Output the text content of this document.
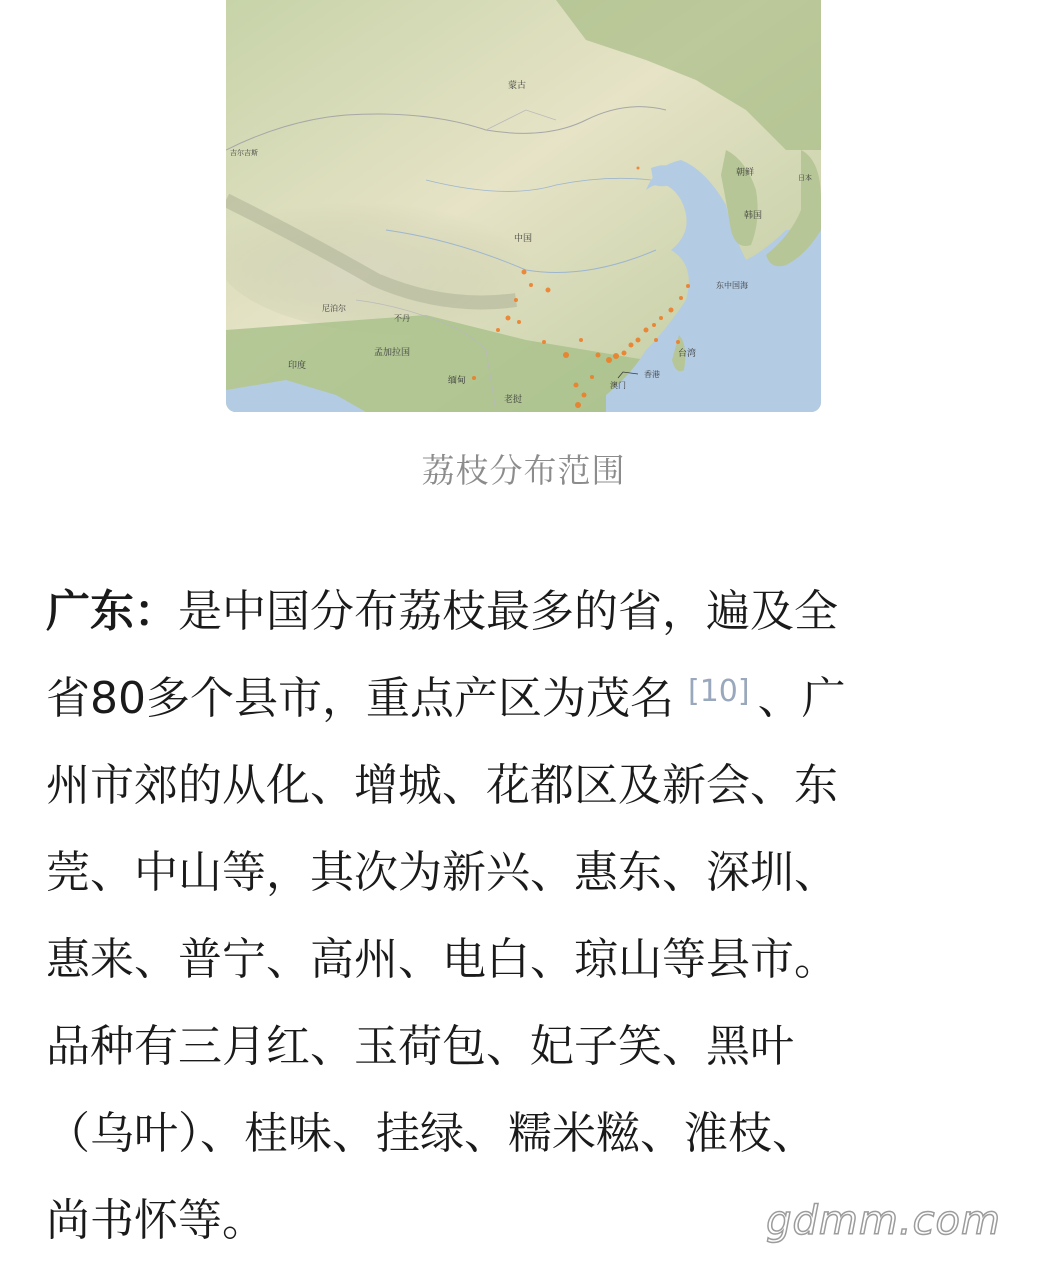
蒙古
吉尔吉斯
中国
朝鲜	日本
韩国
东中国海
尼泊尔
不丹
孟加拉国
印度
缅甸
老挝
台湾
香港
澳门
荔枝分布范围

广东：是中国分布荔枝最多的省，遍及全
省80多个县市，重点产区为茂名 [10] 、广
州市郊的从化、增城、花都区及新会、东
莞、中山等，其次为新兴、惠东、深圳、
惠来、普宁、高州、电白、琼山等县市。
品种有三月红、玉荷包、妃子笑、黑叶
（乌叶）、桂味、挂绿、糯米糍、淮枝、
尚书怀等。	gdmm.com
